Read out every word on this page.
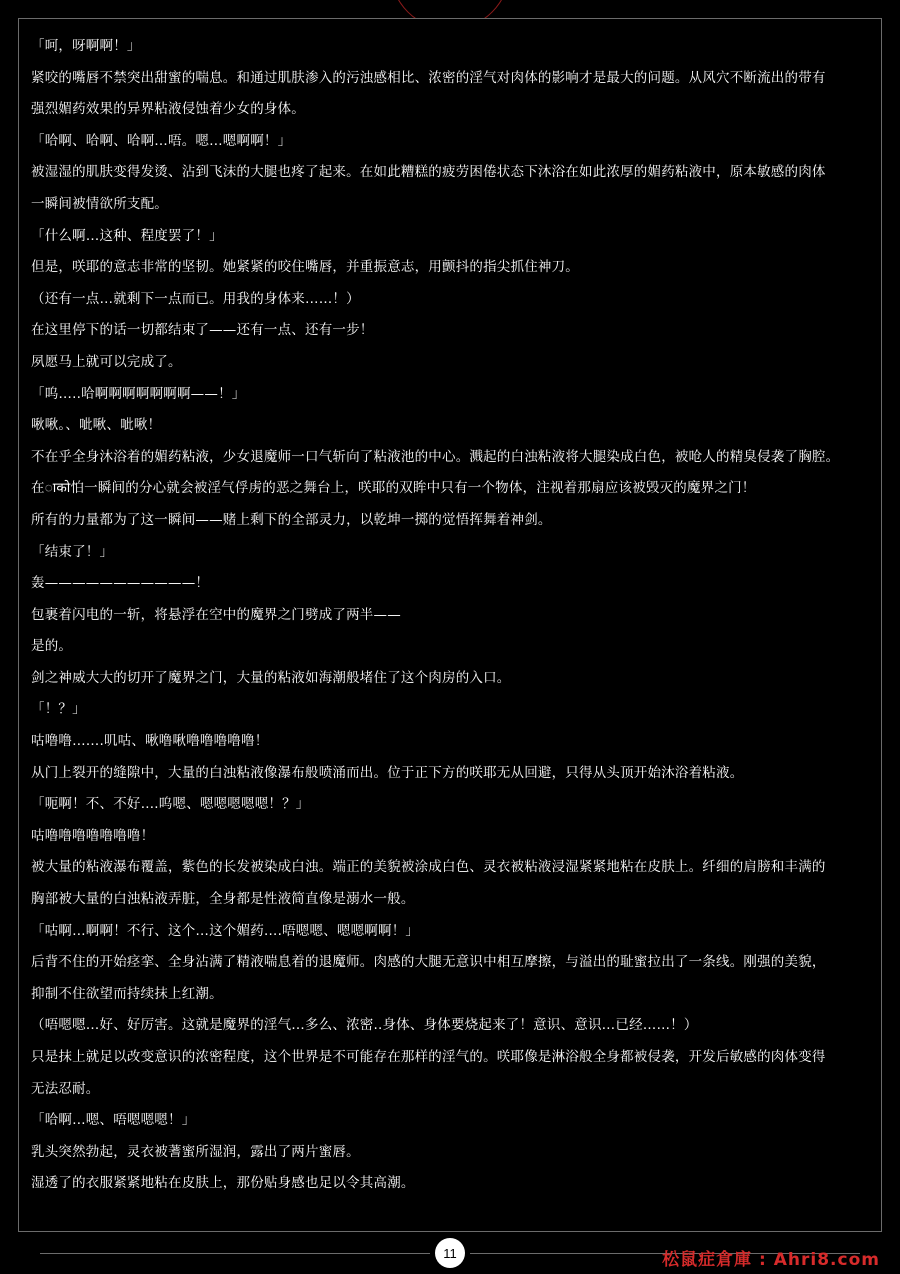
「呵，呀啊啊！」

紧咬的嘴唇不禁突出甜蜜的喘息。和通过肌肤渗入的污浊感相比、浓密的淫气对肉体的影响才是最大的问题。从风穴不断流出的带有

强烈媚药效果的异界粘液侵蚀着少女的身体。

「哈啊、哈啊、哈啊…唔。嗯…嗯啊啊！」

被湿湿的肌肤变得发烫、沾到飞沫的大腿也疼了起来。在如此糟糕的疲劳困倦状态下沐浴在如此浓厚的媚药粘液中，原本敏感的肉体

一瞬间被情欲所支配。

「什么啊…这种、程度罢了！」

但是，咲耶的意志非常的坚韧。她紧紧的咬住嘴唇，并重振意志，用颤抖的指尖抓住神刀。

（还有一点…就剩下一点而已。用我的身体来……！）

在这里停下的话一切都结束了——还有一点、还有一步！

夙愿马上就可以完成了。

「呜…..哈啊啊啊啊啊啊啊——！」

啾啾。、呲啾、呲啾！

不在乎全身沐浴着的媚药粘液，少女退魔师一口气斩向了粘液池的中心。溅起的白浊粘液将大腿染成白色，被呛人的精臭侵袭了胸腔。

在ाको怕一瞬间的分心就会被淫气俘虏的恶之舞台上，咲耶的双眸中只有一个物体，注视着那扇应该被毁灭的魔界之门！

所有的力量都为了这一瞬间——赌上剩下的全部灵力，以乾坤一掷的觉悟挥舞着神剑。

「结束了！」

轰———————————！

包裹着闪电的一斩，将悬浮在空中的魔界之门劈成了两半——

是的。

剑之神威大大的切开了魔界之门，大量的粘液如海潮般堵住了这个肉房的入口。

「！？」

咕噜噜…….叽咕、啾噜啾噜噜噜噜噜！

从门上裂开的缝隙中，大量的白浊粘液像瀑布般喷涌而出。位于正下方的咲耶无从回避，只得从头顶开始沐浴着粘液。

「呃啊！不、不好….呜嗯、嗯嗯嗯嗯嗯！？」

咕噜噜噜噜噜噜噜！

被大量的粘液瀑布覆盖，紫色的长发被染成白浊。端正的美貌被涂成白色、灵衣被粘液浸湿紧紧地粘在皮肤上。纤细的肩膀和丰满的

胸部被大量的白浊粘液弄脏，全身都是性液简直像是溺水一般。

「咕啊…啊啊！不行、这个…这个媚药….唔嗯嗯、嗯嗯啊啊！」

后背不住的开始痉挛、全身沾满了精液喘息着的退魔师。肉感的大腿无意识中相互摩擦，与溢出的耻蜜拉出了一条线。刚强的美貌，

抑制不住欲望而持续抹上红潮。

（唔嗯嗯…好、好厉害。这就是魔界的淫气…多么、浓密..身体、身体要烧起来了！意识、意识…已经……！）

只是抹上就足以改变意识的浓密程度，这个世界是不可能存在那样的淫气的。咲耶像是淋浴般全身都被侵袭，开发后敏感的肉体变得

无法忍耐。

「哈啊…嗯、唔嗯嗯嗯！」

乳头突然勃起，灵衣被蓍蜜所湿润，露出了两片蜜唇。

湿透了的衣服紧紧地粘在皮肤上，那份贴身感也足以令其高潮。

11	松鼠症倉庫 : Ahri8.com
